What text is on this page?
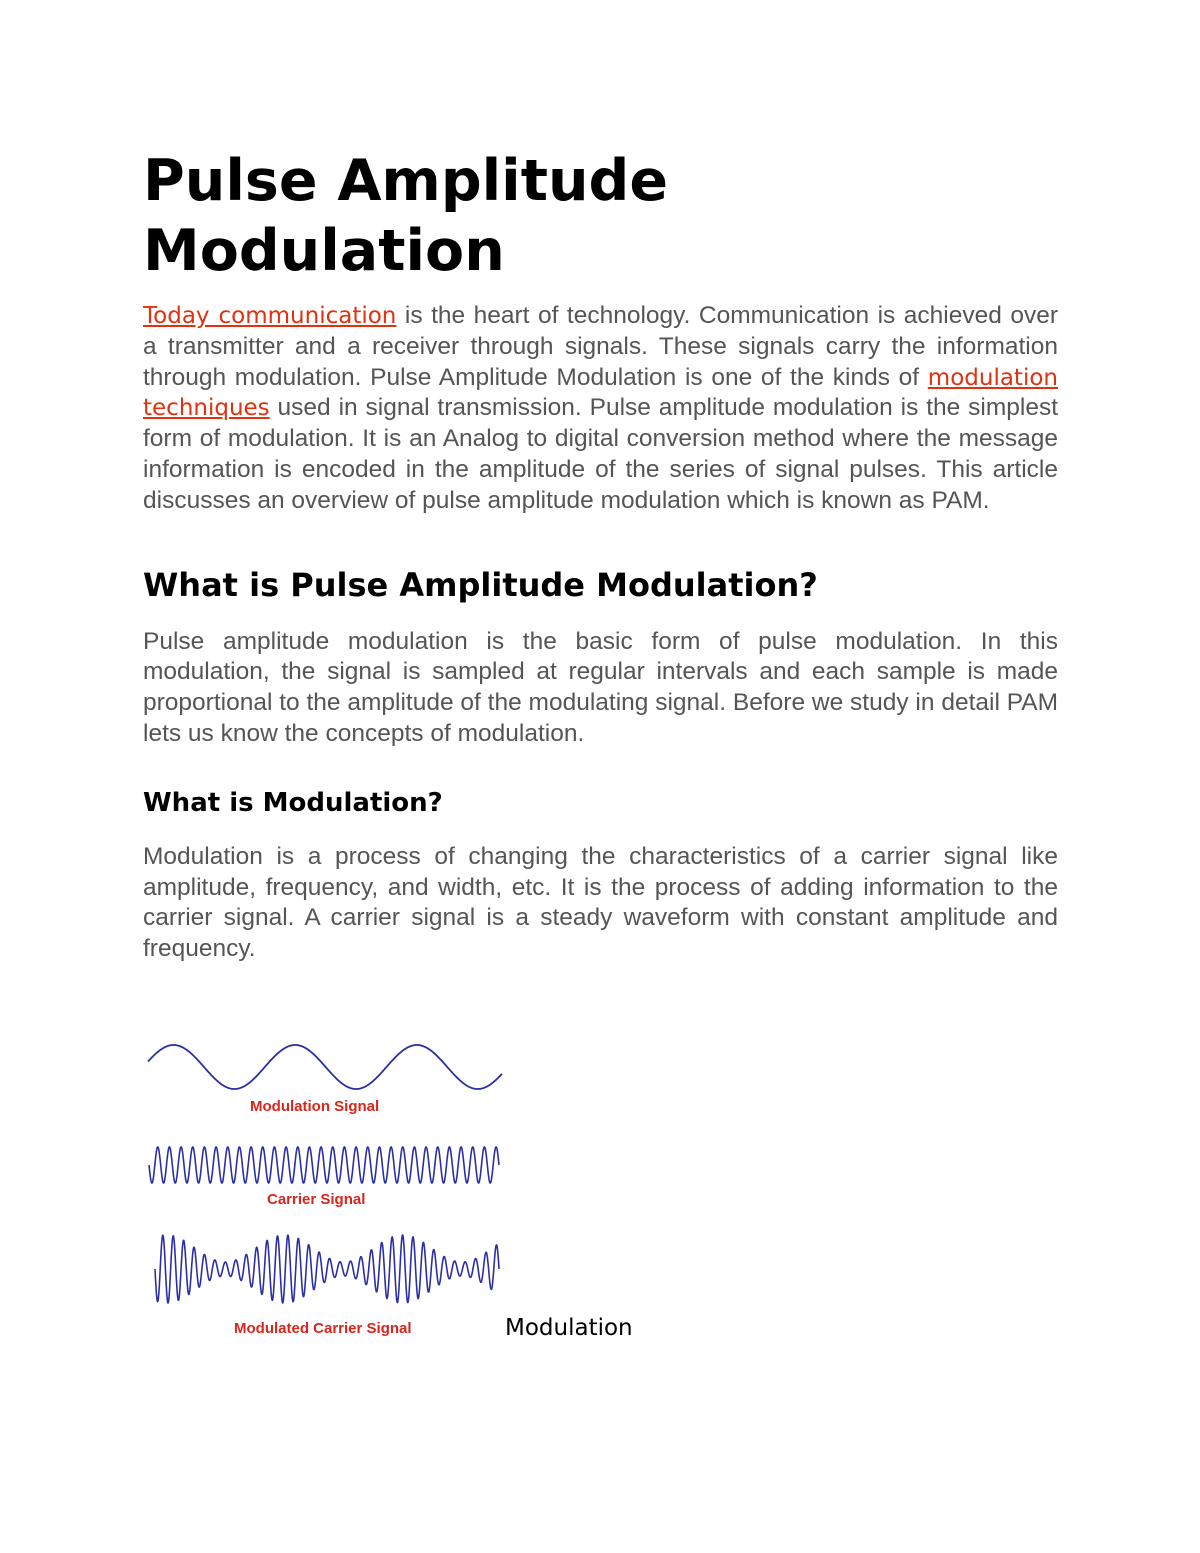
Pulse Amplitude
Modulation

Today communication is the heart of technology. Communication is achieved over a transmitter and a receiver through signals. These signals carry the information through modulation. Pulse Amplitude Modulation is one of the kinds of modulation techniques used in signal transmission. Pulse amplitude modulation is the simplest form of modulation. It is an Analog to digital conversion method where the message information is encoded in the amplitude of the series of signal pulses. This article discusses an overview of pulse amplitude modulation which is known as PAM.

What is Pulse Amplitude Modulation?

Pulse amplitude modulation is the basic form of pulse modulation. In this modulation, the signal is sampled at regular intervals and each sample is made proportional to the amplitude of the modulating signal. Before we study in detail PAM lets us know the concepts of modulation.

What is Modulation?

Modulation is a process of changing the characteristics of a carrier signal like amplitude, frequency, and width, etc. It is the process of adding information to the carrier signal. A carrier signal is a steady waveform with constant amplitude and frequency.

Modulation Signal
Carrier Signal
Modulated Carrier Signal	Modulation
